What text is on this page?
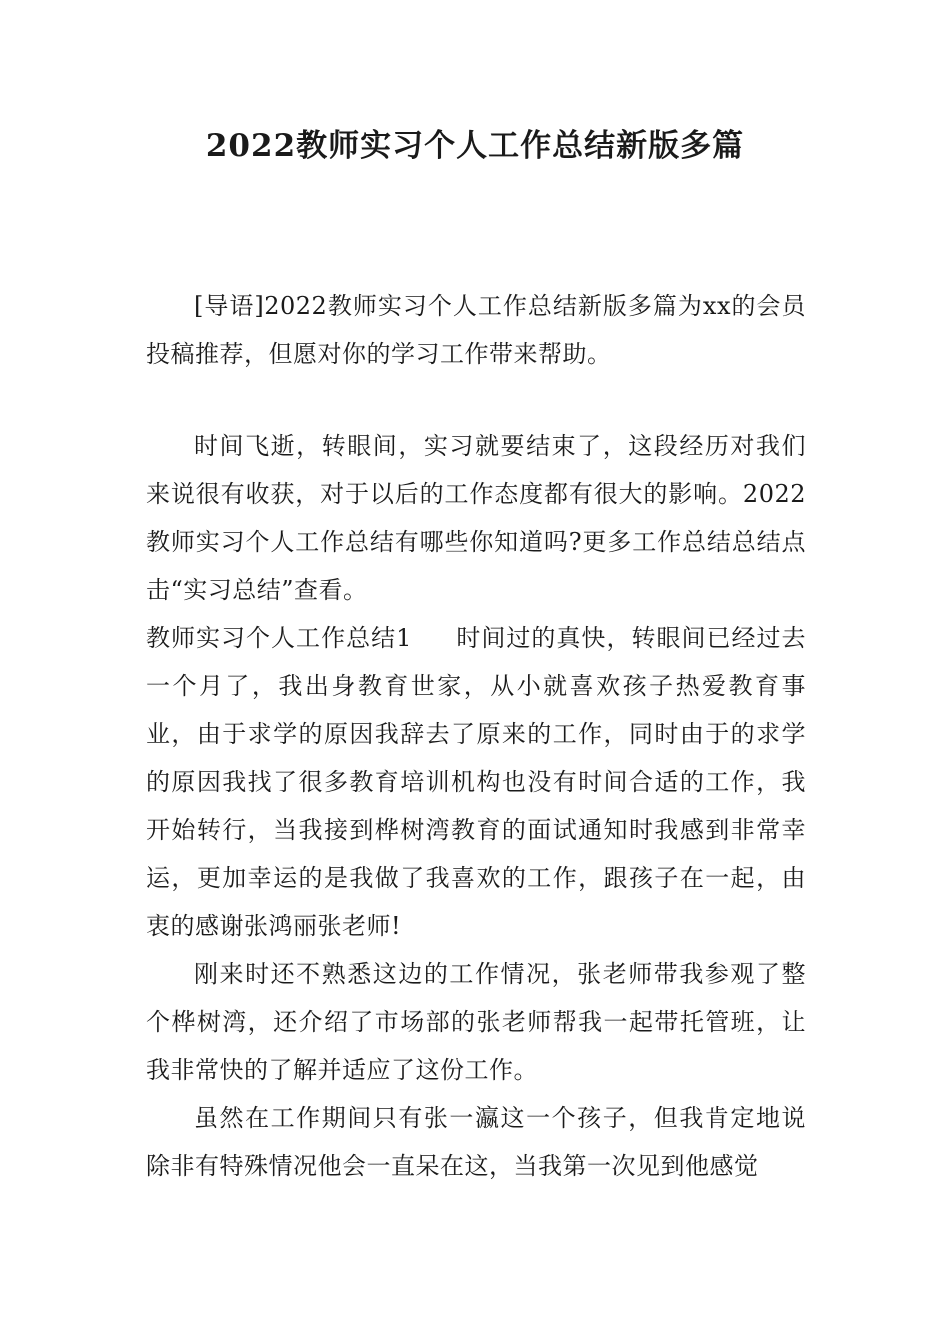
2022教师实习个人工作总结新版多篇

[导语]2022教师实习个人工作总结新版多篇为xx的会员投稿推荐，但愿对你的学习工作带来帮助。

时间飞逝，转眼间，实习就要结束了，这段经历对我们来说很有收获，对于以后的工作态度都有很大的影响。2022教师实习个人工作总结有哪些你知道吗?更多工作总结总结点击“实习总结”查看。

教师实习个人工作总结1 时间过的真快，转眼间已经过去一个月了，我出身教育世家，从小就喜欢孩子热爱教育事业，由于求学的原因我辞去了原来的工作，同时由于的求学的原因我找了很多教育培训机构也没有时间合适的工作，我开始转行，当我接到桦树湾教育的面试通知时我感到非常幸运，更加幸运的是我做了我喜欢的工作，跟孩子在一起，由衷的感谢张鸿丽张老师!

刚来时还不熟悉这边的工作情况，张老师带我参观了整个桦树湾，还介绍了市场部的张老师帮我一起带托管班，让我非常快的了解并适应了这份工作。

虽然在工作期间只有张一瀛这一个孩子，但我肯定地说除非有特殊情况他会一直呆在这，当我第一次见到他感觉
